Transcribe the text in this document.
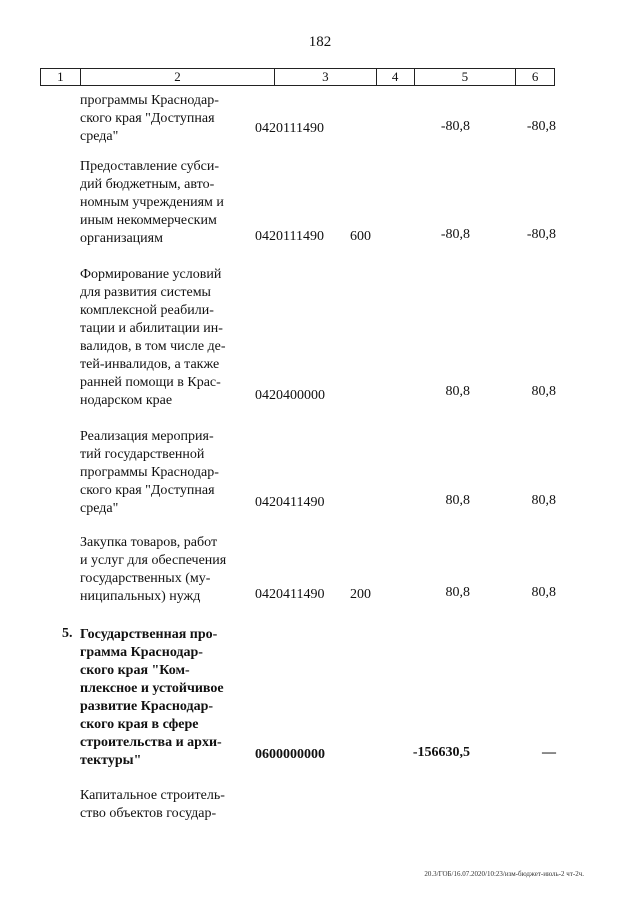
182
1	2	3	4	5	6

программы Краснодар-
ского края "Доступная
среда"

0420111490	-80,8	-80,8

Предоставление субси-
дий бюджетным, авто-
номным учреждениям и
иным некоммерческим
организациям	0420111490 600	-80,8	-80,8

Формирование условий
для развития системы
комплексной реабили-
тации и абилитации ин-
валидов, в том числе де-
тей-инвалидов, а также
ранней помощи в Крас-
нодарском крае	0420400000	80,8	80,8

Реализация мероприя-
тий государственной
программы Краснодар-
ского края "Доступная
среда"	0420411490	80,8	80,8

Закупка товаров, работ
и услуг для обеспечения
государственных (му-
ниципальных) нужд	0420411490 200	80,8	80,8
5. Государственная про-
грамма Краснодар-
ского края "Ком-
плексное и устойчивое
развитие Краснодар-
ского края в сфере
строительства и архи-
тектуры"	0600000000	-156630,5	—

Капитальное строитель-
ство объектов государ-

20.3/ГОБ/16.07.2020/10:23/изм-бюджет-июль-2 чт-2ч.
